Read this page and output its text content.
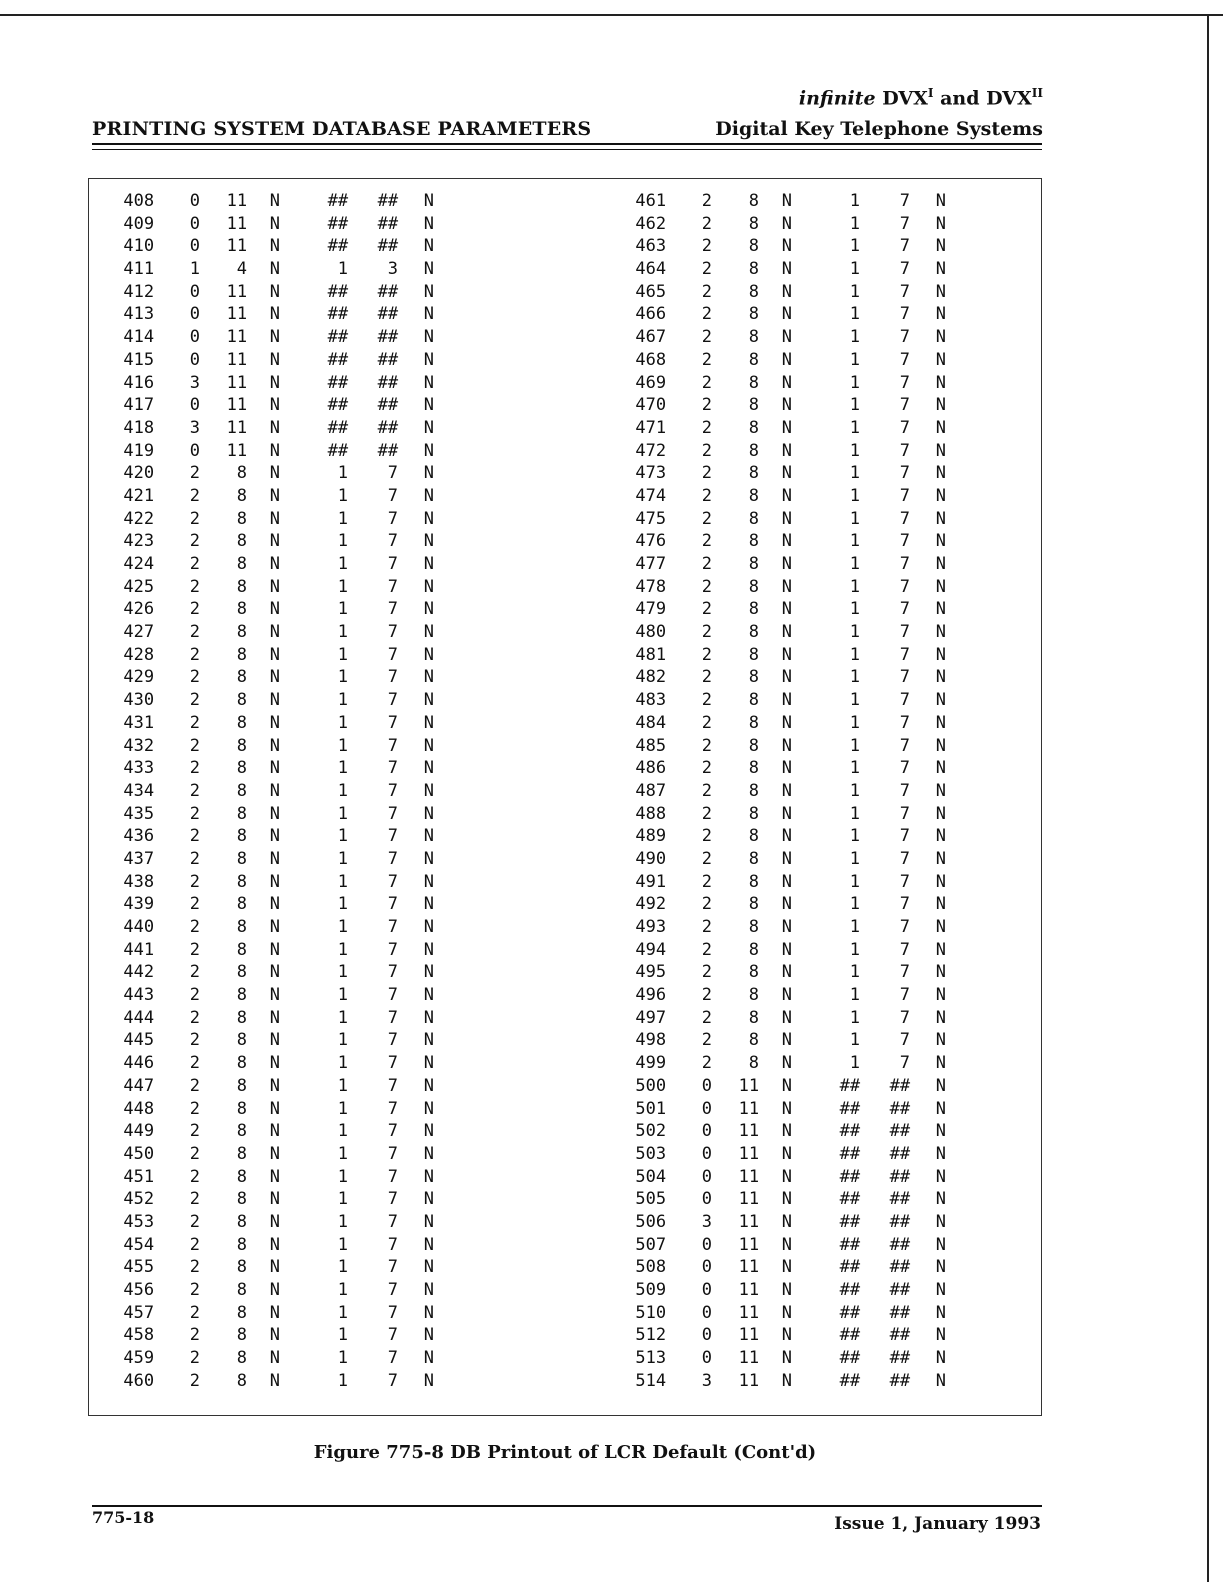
infinite $DVX^I$ and $DVX^{II}$
PRINTING SYSTEM DATABASE PARAMETERS	Digital Key Telephone Systems
408 0 11 N	## ## N
409 0 11 N	## ## N
410 0 11 N	## ## N
411 1 4 N	1 3 N
412 0 11 N	## ## N
413 0 11 N	## ## N
414 0 11 N	## ## N
415 0 11 N	## ## N
416 3 11 N	## ## N
417 0 11 N	## ## N
418 3 11 N	## ## N
419 0 11 N	## ## N
420 2 8 N	1 7 N
421 2 8 N	1 7 N
422 2 8 N	1 7 N
423 2 8 N	1 7 N
424 2 8 N	1 7 N
425 2 8 N	1 7 N
426 2 8 N	1 7 N
427 2 8 N	1 7 N
428 2 8 N	1 7 N
429 2 8 N	1 7 N
430 2 8 N	1 7 N
431 2 8 N	1 7 N
432 2 8 N	1 7 N
433 2 8 N	1 7 N
434 2 8 N	1 7 N
435 2 8 N	1 7 N
436 2 8 N	1 7 N
437 2 8 N	1 7 N
438 2 8 N	1 7 N
439 2 8 N	1 7 N
440 2 8 N	1 7 N
441 2 8 N	1 7 N
442 2 8 N	1 7 N
443 2 8 N	1 7 N
444 2 8 N	1 7 N
445 2 8 N	1 7 N
446 2 8 N	1 7 N
447 2 8 N	1 7 N
448 2 8 N	1 7 N
449 2 8 N	1 7 N
450 2 8 N	1 7 N
451 2 8 N	1 7 N
452 2 8 N	1 7 N
453 2 8 N	1 7 N
454 2 8 N	1 7 N
455 2 8 N	1 7 N
456 2 8 N	1 7 N
457 2 8 N	1 7 N
458 2 8 N	1 7 N
459 2 8 N	1 7 N
460 2 8 N	1 7 N
461 2 8 N	1 7 N
462 2 8 N	1 7 N
463 2 8 N	1 7 N
464 2 8 N	1 7 N
465 2 8 N	1 7 N
466 2 8 N	1 7 N
467 2 8 N	1 7 N
468 2 8 N	1 7 N
469 2 8 N	1 7 N
470 2 8 N	1 7 N
471 2 8 N	1 7 N
472 2 8 N	1 7 N
473 2 8 N	1 7 N
474 2 8 N	1 7 N
475 2 8 N	1 7 N
476 2 8 N	1 7 N
477 2 8 N	1 7 N
478 2 8 N	1 7 N
479 2 8 N	1 7 N
480 2 8 N	1 7 N
481 2 8 N	1 7 N
482 2 8 N	1 7 N
483 2 8 N	1 7 N
484 2 8 N	1 7 N
485 2 8 N	1 7 N
486 2 8 N	1 7 N
487 2 8 N	1 7 N
488 2 8 N	1 7 N
489 2 8 N	1 7 N
490 2 8 N	1 7 N
491 2 8 N	1 7 N
492 2 8 N	1 7 N
493 2 8 N	1 7 N
494 2 8 N	1 7 N
495 2 8 N	1 7 N
496 2 8 N	1 7 N
497 2 8 N	1 7 N
498 2 8 N	1 7 N
499 2 8 N	1 7 N
500 0 11 N	## ## N
501 0 11 N	## ## N
502 0 11 N	## ## N
503 0 11 N	## ## N
504 0 11 N	## ## N
505 0 11 N	## ## N
506 3 11 N	## ## N
507 0 11 N	## ## N
508 0 11 N	## ## N
509 0 11 N	## ## N
510 0 11 N	## ## N
512 0 11 N	## ## N
513 0 11 N	## ## N
514 3 11 N	## ## N
Figure 775-8 DB Printout of LCR Default (Cont'd)
775-18	Issue 1, January 1993
